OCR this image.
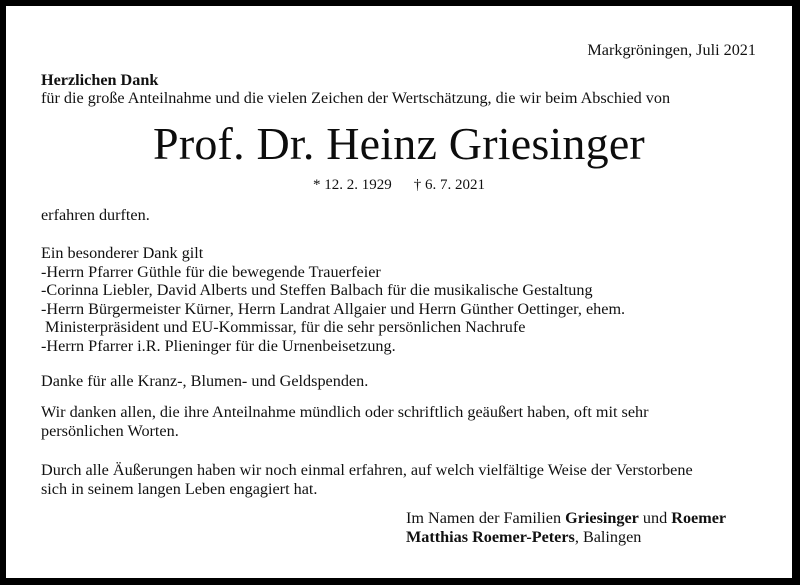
Markgröningen, Juli 2021
Herzlichen Dank
für die große Anteilnahme und die vielen Zeichen der Wertschätzung, die wir beim Abschied von
Prof. Dr. Heinz Griesinger
* 12. 2. 1929 † 6. 7. 2021
erfahren durften.
Ein besonderer Dank gilt
-Herrn Pfarrer Güthle für die bewegende Trauerfeier
-Corinna Liebler, David Alberts und Steffen Balbach für die musikalische Gestaltung
-Herrn Bürgermeister Kürner, Herrn Landrat Allgaier und Herrn Günther Oettinger, ehem.
Ministerpräsident und EU-Kommissar, für die sehr persönlichen Nachrufe
-Herrn Pfarrer i.R. Plieninger für die Urnenbeisetzung.
Danke für alle Kranz-, Blumen- und Geldspenden.
Wir danken allen, die ihre Anteilnahme mündlich oder schriftlich geäußert haben, oft mit sehr
persönlichen Worten.
Durch alle Äußerungen haben wir noch einmal erfahren, auf welch vielfältige Weise der Verstorbene
sich in seinem langen Leben engagiert hat.
Im Namen der Familien Griesinger und Roemer
Matthias Roemer-Peters, Balingen
